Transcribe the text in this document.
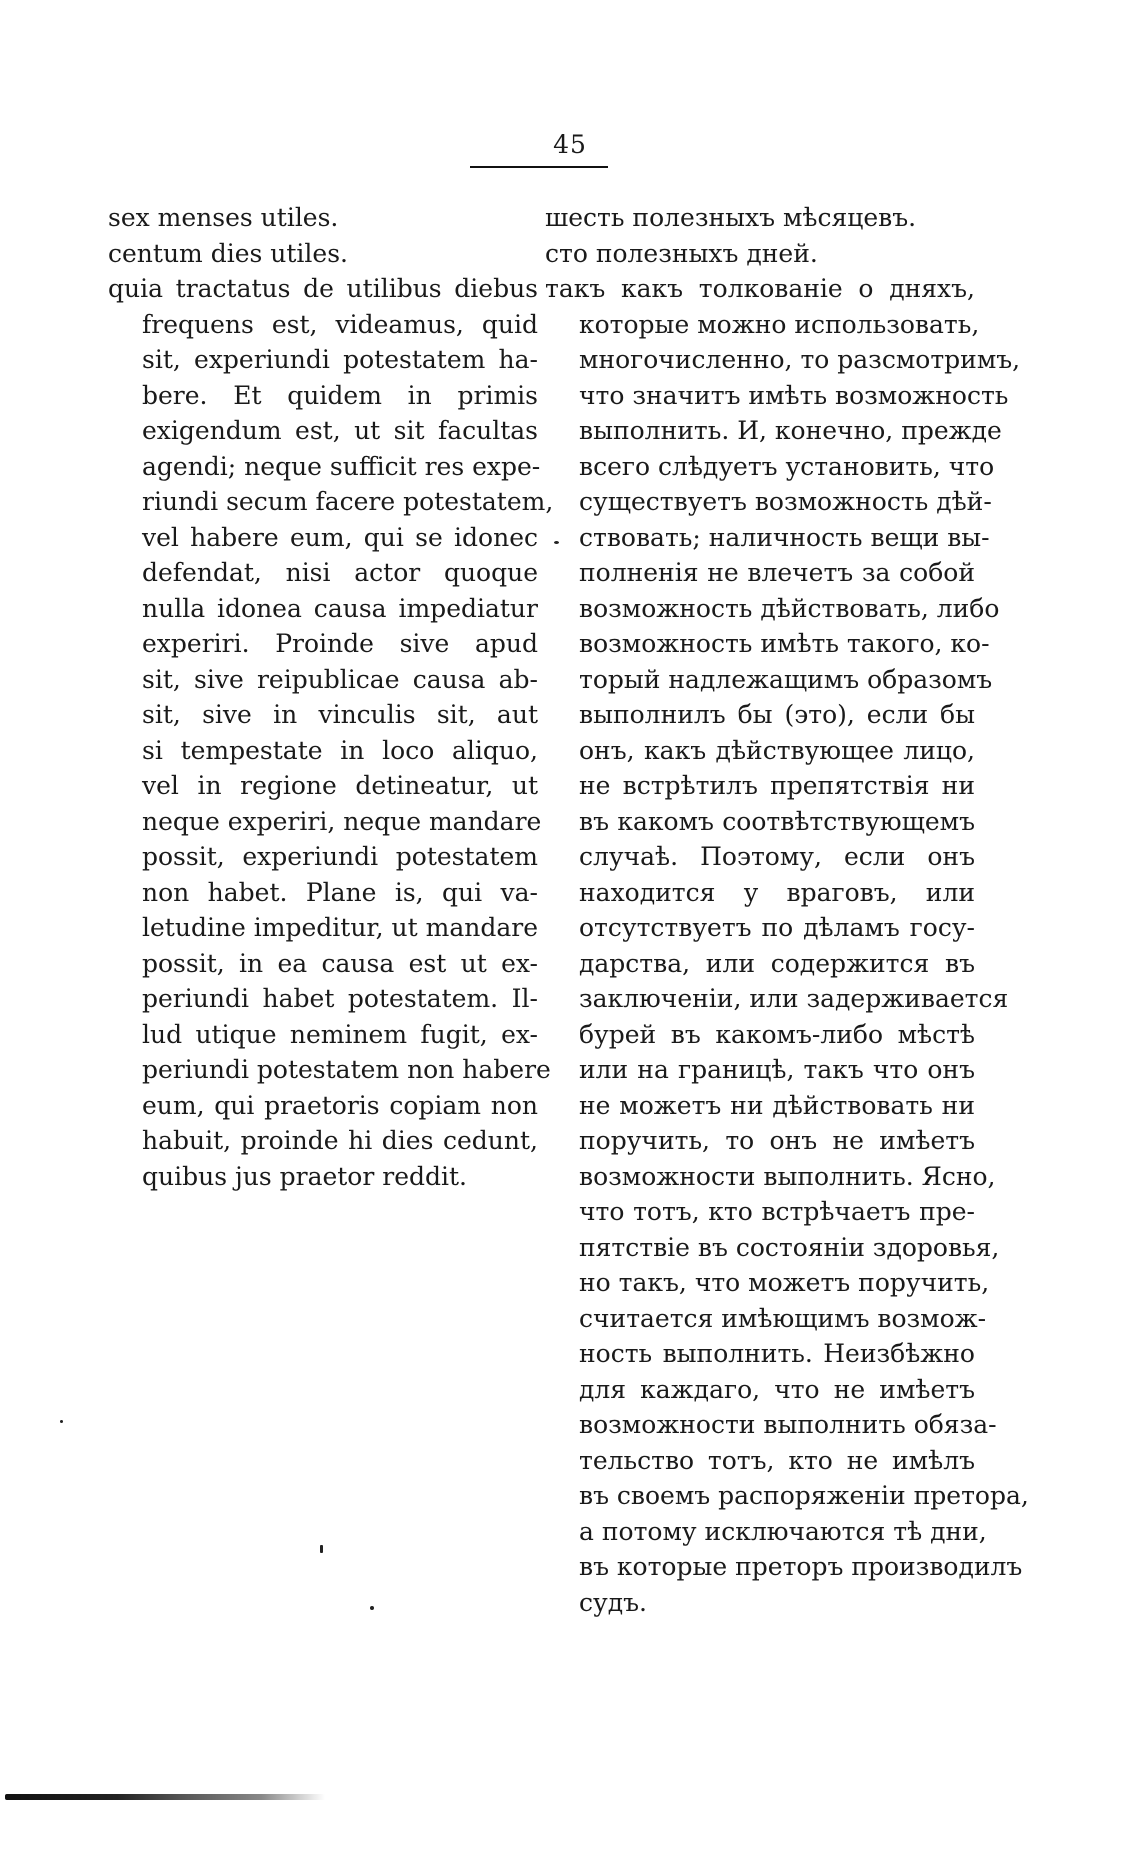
45
sex menses utiles.
centum dies utiles.
quia tractatus de utilibus diebus
frequens est, videamus, quid
sit, experiundi potestatem ha-
bere. Et quidem in primis
exigendum est, ut sit facultas
agendi; neque sufficit res expe-
riundi secum facere potestatem,
vel habere eum, qui se idonec
defendat, nisi actor quoque
nulla idonea causa impediatur
experiri. Proinde sive apud
sit, sive reipublicae causa ab-
sit, sive in vinculis sit, aut
si tempestate in loco aliquo,
vel in regione detineatur, ut
neque experiri, neque mandare
possit, experiundi potestatem
non habet. Plane is, qui va-
letudine impeditur, ut mandare
possit, in ea causa est ut ex-
periundi habet potestatem. Il-
lud utique neminem fugit, ex-
periundi potestatem non habere
eum, qui praetoris copiam non
habuit, proinde hi dies cedunt,
quibus jus praetor reddit.
шесть полезныхъ мѣсяцевъ.
сто полезныхъ дней.
такъ какъ толкованіе о дняхъ,
которые можно использовать,
многочисленно, то разсмотримъ,
что значитъ имѣть возможность
выполнить. И, конечно, прежде
всего слѣдуетъ установить, что
существуетъ возможность дѣй-
ствовать; наличность вещи вы-
полненія не влечетъ за собой
возможность дѣйствовать, либо
возможность имѣть такого, ко-
торый надлежащимъ образомъ
выполнилъ бы (это), если бы
онъ, какъ дѣйствующее лицо,
не встрѣтилъ препятствія ни
въ какомъ соотвѣтствующемъ
случаѣ. Поэтому, если онъ
находится у враговъ, или
отсутствуетъ по дѣламъ госу-
дарства, или содержится въ
заключеніи, или задерживается
бурей въ какомъ-либо мѣстѣ
или на границѣ, такъ что онъ
не можетъ ни дѣйствовать ни
поручить, то онъ не имѣетъ
возможности выполнить. Ясно,
что тотъ, кто встрѣчаетъ пре-
пятствіе въ состояніи здоровья,
но такъ, что можетъ поручить,
считается имѣющимъ возмож-
ность выполнить. Неизбѣжно
для каждаго, что не имѣетъ
возможности выполнить обяза-
тельство тотъ, кто не имѣлъ
въ своемъ распоряженіи претора,
а потому исключаются тѣ дни,
въ которые преторъ производилъ
судъ.
